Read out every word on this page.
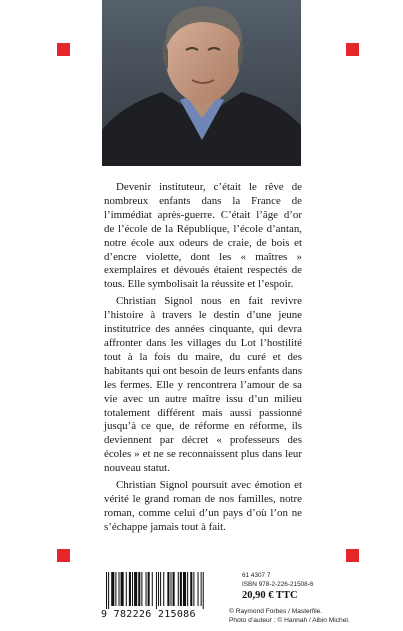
Devenir instituteur, c’était le rêve de nombreux enfants dans la France de l’immédiat après-guerre. C’était l’âge d’or de l’école de la République, l’école d’antan, notre école aux odeurs de craie, de bois et d’encre violette, dont les « maîtres » exemplaires et dévoués étaient respectés de tous. Elle symbolisait la réussite et l’espoir.

Christian Signol nous en fait revivre l’histoire à travers le destin d’une jeune institutrice des années cinquante, qui devra affronter dans les villages du Lot l’hostilité tout à la fois du maire, du curé et des habitants qui ont besoin de leurs enfants dans les fermes. Elle y rencontrera l’amour de sa vie avec un autre maître issu d’un milieu totalement différent mais aussi passionné jusqu’à ce que, de réforme en réforme, ils deviennent par décret « professeurs des écoles » et ne se reconnaissent plus dans leur nouveau statut.

Christian Signol poursuit avec émotion et vérité le grand roman de nos familles, notre roman, comme celui d’un pays d’où l’on ne s’échappe jamais tout à fait.

9 782226 215086
61 4307 7
ISBN 978-2-226-21508-6
20,90 € TTC
© Raymond Forbes / Masterfile.
Photo d’auteur : © Hannah / Albin Michel.
